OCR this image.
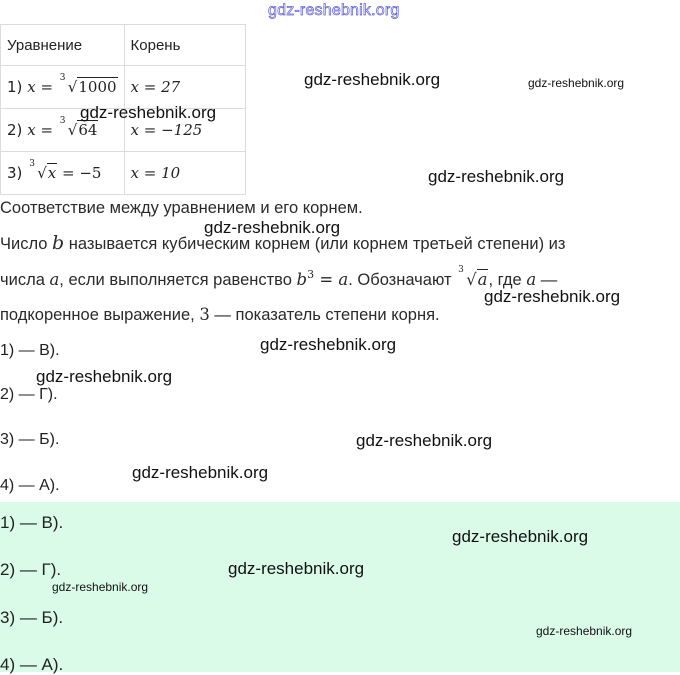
gdz-reshebnik.org
Уравнение	Корень
1) x = 3 √1000	x = 27
2) x = 3 √64	x = −125
3) 3 √x = −5	x = 10
Соответствие между уравнением и его корнем.
Число b называется кубическим корнем (или корнем третьей степени) из
числа a, если выполняется равенство $b^3 = a$. Обозначают
3 √a, где a —
подкоренное выражение, 3 — показатель степени корня.
1) — В).
2) — Г).
3) — Б).
4) — А).
1) — В).
2) — Г).
3) — Б).
4) — А).
gdz-reshebnik.org	gdz-reshebnik.org
gdz-reshebnik.org
gdz-reshebnik.org
gdz-reshebnik.org
gdz-reshebnik.org
gdz-reshebnik.org
gdz-reshebnik.org
gdz-reshebnik.org
gdz-reshebnik.org
gdz-reshebnik.org
gdz-reshebnik.org
gdz-reshebnik.org
gdz-reshebnik.org
